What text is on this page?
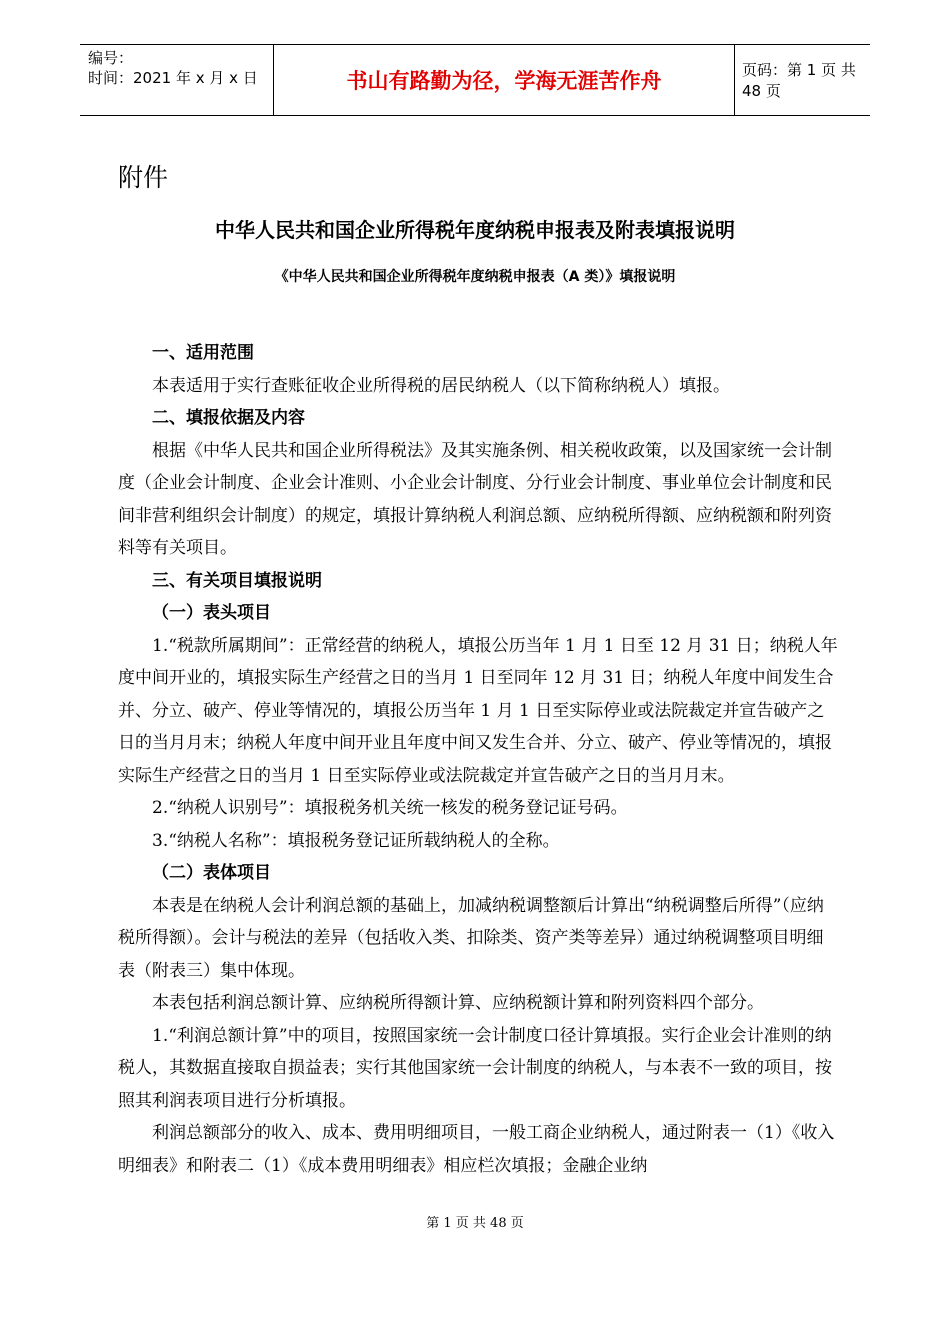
编号：
时间：2021 年 x 月 x 日	书山有路勤为径，学海无涯苦作舟	页码：第 1 页 共 48 页
附件
中华人民共和国企业所得税年度纳税申报表及附表填报说明
《中华人民共和国企业所得税年度纳税申报表（A 类）》填报说明

一、适用范围

本表适用于实行查账征收企业所得税的居民纳税人（以下简称纳税人）填报。

二、填报依据及内容

根据《中华人民共和国企业所得税法》及其实施条例、相关税收政策，以及国家统一会计制度（企业会计制度、企业会计准则、小企业会计制度、分行业会计制度、事业单位会计制度和民间非营利组织会计制度）的规定，填报计算纳税人利润总额、应纳税所得额、应纳税额和附列资料等有关项目。

三、有关项目填报说明

（一）表头项目

1.“税款所属期间”：正常经营的纳税人，填报公历当年 1 月 1 日至 12 月 31 日；纳税人年度中间开业的，填报实际生产经营之日的当月 1 日至同年 12 月 31 日；纳税人年度中间发生合并、分立、破产、停业等情况的，填报公历当年 1 月 1 日至实际停业或法院裁定并宣告破产之日的当月月末；纳税人年度中间开业且年度中间又发生合并、分立、破产、停业等情况的，填报实际生产经营之日的当月 1 日至实际停业或法院裁定并宣告破产之日的当月月末。

2.“纳税人识别号”：填报税务机关统一核发的税务登记证号码。

3.“纳税人名称”：填报税务登记证所载纳税人的全称。

（二）表体项目

本表是在纳税人会计利润总额的基础上，加减纳税调整额后计算出“纳税调整后所得”（应纳税所得额）。会计与税法的差异（包括收入类、扣除类、资产类等差异）通过纳税调整项目明细表（附表三）集中体现。

本表包括利润总额计算、应纳税所得额计算、应纳税额计算和附列资料四个部分。

1.“利润总额计算”中的项目，按照国家统一会计制度口径计算填报。实行企业会计准则的纳税人，其数据直接取自损益表；实行其他国家统一会计制度的纳税人，与本表不一致的项目，按照其利润表项目进行分析填报。

利润总额部分的收入、成本、费用明细项目，一般工商企业纳税人，通过附表一（1）《收入明细表》和附表二（1）《成本费用明细表》相应栏次填报；金融企业纳

第 1 页 共 48 页
